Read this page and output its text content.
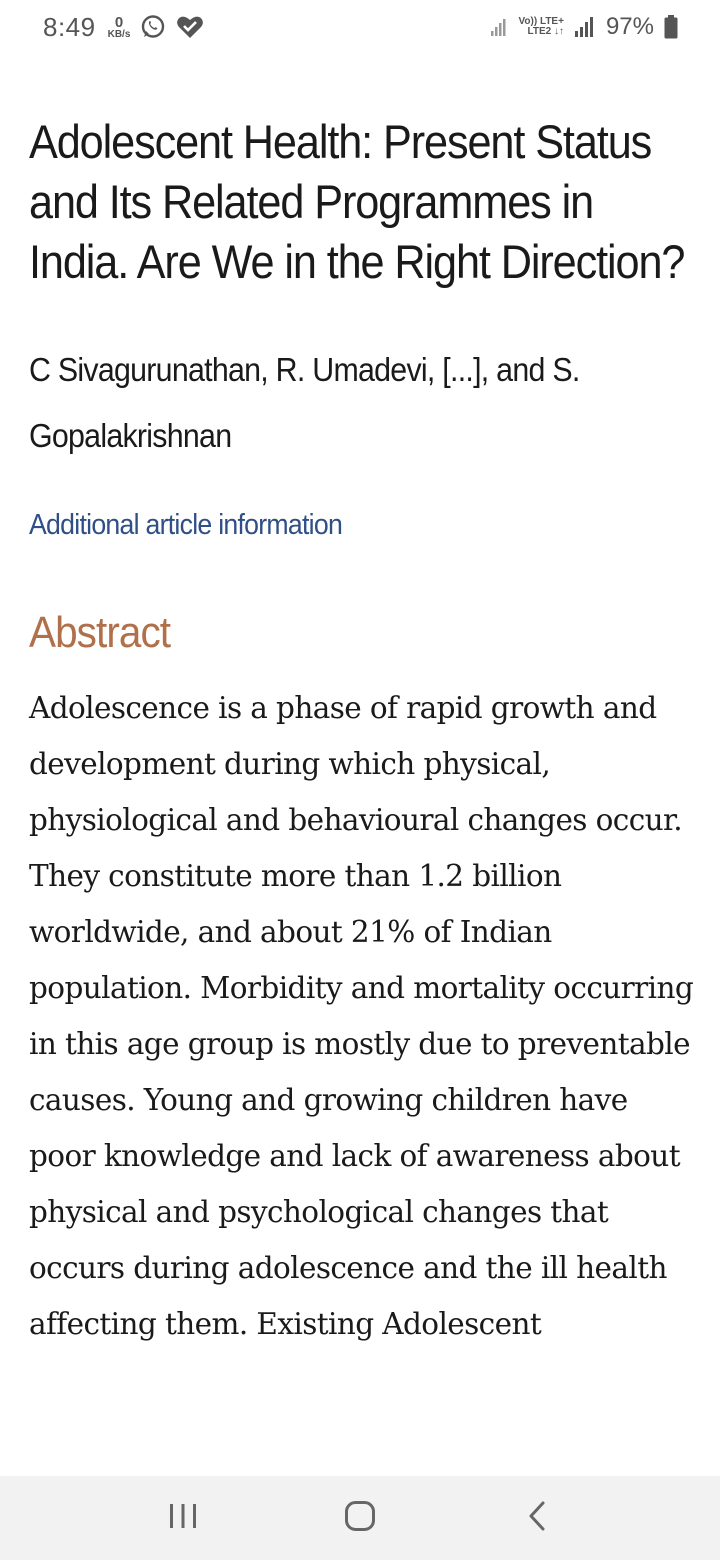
8:49 0
KB/s
Vo)) LTE+
LTE2 ↓↑ 97%
Adolescent Health: Present Status and Its Related Programmes in India. Are We in the Right Direction?

C Sivagurunathan, R. Umadevi, [...], and S. Gopalakrishnan

Additional article information
Abstract

Adolescence is a phase of rapid growth and development during which physical, physiological and behavioural changes occur. They constitute more than 1.2 billion worldwide, and about 21% of Indian population. Morbidity and mortality occurring in this age group is mostly due to preventable causes. Young and growing children have poor knowledge and lack of awareness about physical and psychological changes that occurs during adolescence and the ill health affecting them. Existing Adolescent
